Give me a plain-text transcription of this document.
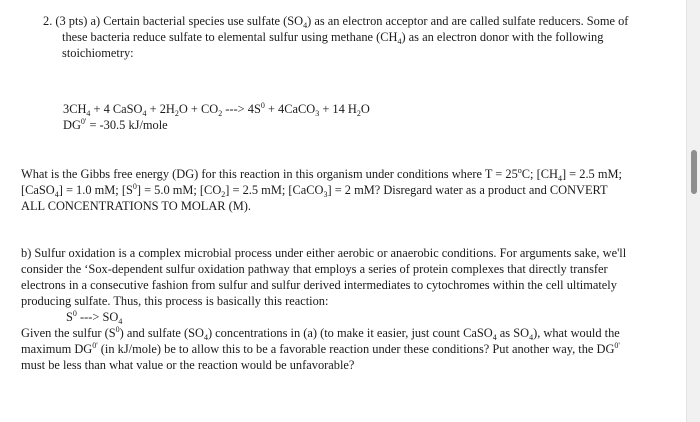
2. (3 pts) a) Certain bacterial species use sulfate $(SO_4)$ as an electron acceptor and are called sulfate reducers. Some of
these bacteria reduce sulfate to elemental sulfur using methane $(CH_4)$ as an electron donor with the following
stoichiometry:
$3CH_4 + 4$ CaSO$_4$ + $2H_2O + CO_2$ ---> $4S^0$ + 4CaCO$_3$ + 14 $H_2O$
$DG^{0'} = -30.5$ kJ/mole
What is the Gibbs free energy (DG) for this reaction in this organism under conditions where $T = 25^oC$; $[CH_4] = 2.5$ mM;
[CaSO$_4$] = 1.0 mM; $[S^0] = 5.0$ mM; $[CO_2] = 2.5$ mM; [CaCO$_3$] = 2 mM? Disregard water as a product and CONVERT
ALL CONCENTRATIONS TO MOLAR (M).
b) Sulfur oxidation is a complex microbial process under either aerobic or anaerobic conditions. For arguments sake, we'll
consider the ‘Sox-dependent sulfur oxidation pathway that employs a series of protein complexes that directly transfer
electrons in a consecutive fashion from sulfur and sulfur derived intermediates to cytochromes within the cell ultimately
producing sulfate. Thus, this process is basically this reaction:
$S^0$ ---> $SO_4$
Given the sulfur $(S^0)$ and sulfate $(SO_4)$ concentrations in (a) (to make it easier, just count CaSO$_4$ as $SO_4$), what would the
maximum $DG^{0'}$ (in kJ/mole) be to allow this to be a favorable reaction under these conditions? Put another way, the $DG^{0'}$
must be less than what value or the reaction would be unfavorable?
